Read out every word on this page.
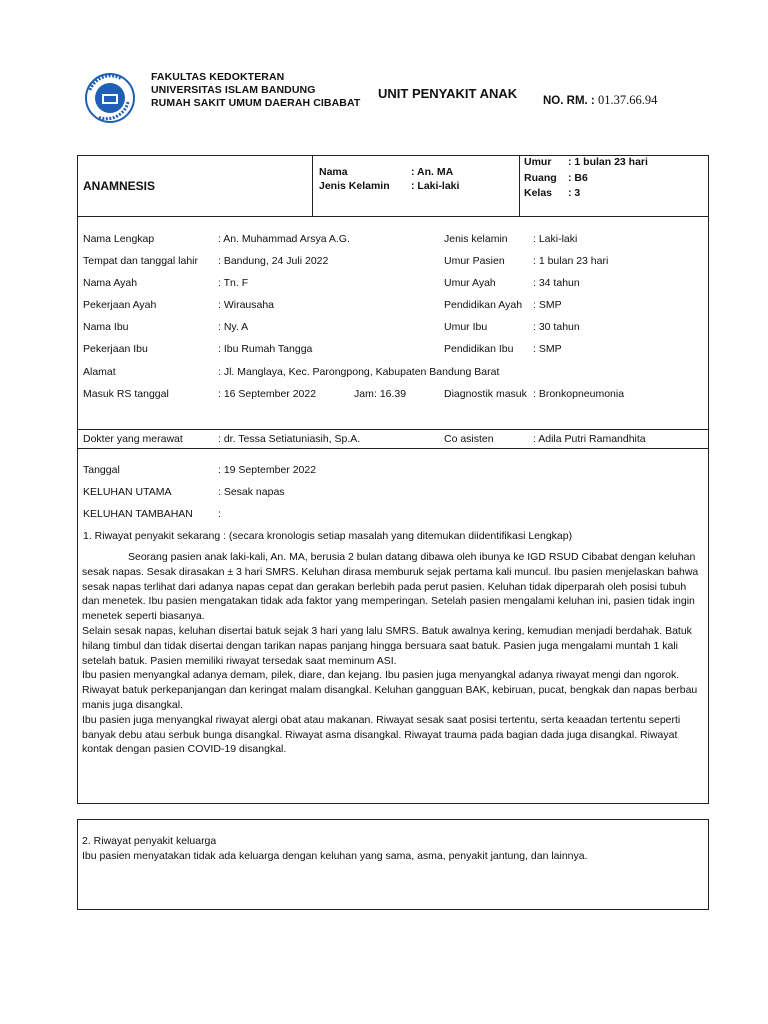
FAKULTAS KEDOKTERAN
UNIVERSITAS ISLAM BANDUNG
RUMAH SAKIT UMUM DAERAH CIBABAT
UNIT PENYAKIT ANAK NO. RM. : 01.37.66.94
ANAMNESIS
Nama	: An. MA
Jenis Kelamin : Laki-laki
Umur : 1 bulan 23 hari
Ruang : B6
Kelas : 3
Nama Lengkap	: An. Muhammad Arsya A.G.	Jenis kelamin : Laki-laki
Tempat dan tanggal lahir : Bandung, 24 Juli 2022	Umur Pasien	: 1 bulan 23 hari
Nama Ayah	: Tn. F	Umur Ayah	: 34 tahun
Pekerjaan Ayah	: Wirausaha	Pendidikan Ayah : SMP
Nama Ibu	: Ny. A	Umur Ibu	: 30 tahun
Pekerjaan Ibu	: Ibu Rumah Tangga	Pendidikan Ibu : SMP
Alamat	: Jl. Manglaya, Kec. Parongpong, Kabupaten Bandung Barat
Masuk RS tanggal	: 16 September 2022	Jam : 16.39	Diagnostik masuk : Bronkopneumonia
Dokter yang merawat	: dr. Tessa Setiatuniasih, Sp.A.	Co asisten	: Adila Putri Ramandhita
Tanggal	: 19 September 2022
KELUHAN UTAMA	: Sesak napas
KELUHAN TAMBAHAN :
1. Riwayat penyakit sekarang : (secara kronologis setiap masalah yang ditemukan diidentifikasi Lengkap)

Seorang pasien anak laki-kali, An. MA, berusia 2 bulan datang dibawa oleh ibunya ke IGD RSUD Cibabat dengan keluhan sesak napas. Sesak dirasakan ± 3 hari SMRS. Keluhan dirasa memburuk sejak pertama kali muncul. Ibu pasien menjelaskan bahwa sesak napas terlihat dari adanya napas cepat dan gerakan berlebih pada perut pasien. Keluhan tidak diperparah oleh posisi tubuh dan menetek. Ibu pasien mengatakan tidak ada faktor yang memperingan. Setelah pasien mengalami keluhan ini, pasien tidak ingin menetek seperti biasanya.

Selain sesak napas, keluhan disertai batuk sejak 3 hari yang lalu SMRS. Batuk awalnya kering, kemudian menjadi berdahak. Batuk hilang timbul dan tidak disertai dengan tarikan napas panjang hingga bersuara saat batuk. Pasien juga mengalami muntah 1 kali setelah batuk. Pasien memiliki riwayat tersedak saat meminum ASI.

Ibu pasien menyangkal adanya demam, pilek, diare, dan kejang. Ibu pasien juga menyangkal adanya riwayat mengi dan ngorok. Riwayat batuk perkepanjangan dan keringat malam disangkal. Keluhan gangguan BAK, kebiruan, pucat, bengkak dan napas berbau manis juga disangkal.

Ibu pasien juga menyangkal riwayat alergi obat atau makanan. Riwayat sesak saat posisi tertentu, serta keaadan tertentu seperti banyak debu atau serbuk bunga disangkal. Riwayat asma disangkal. Riwayat trauma pada bagian dada juga disangkal. Riwayat kontak dengan pasien COVID-19 disangkal.

2. Riwayat penyakit keluarga
Ibu pasien menyatakan tidak ada keluarga dengan keluhan yang sama, asma, penyakit jantung, dan lainnya.
